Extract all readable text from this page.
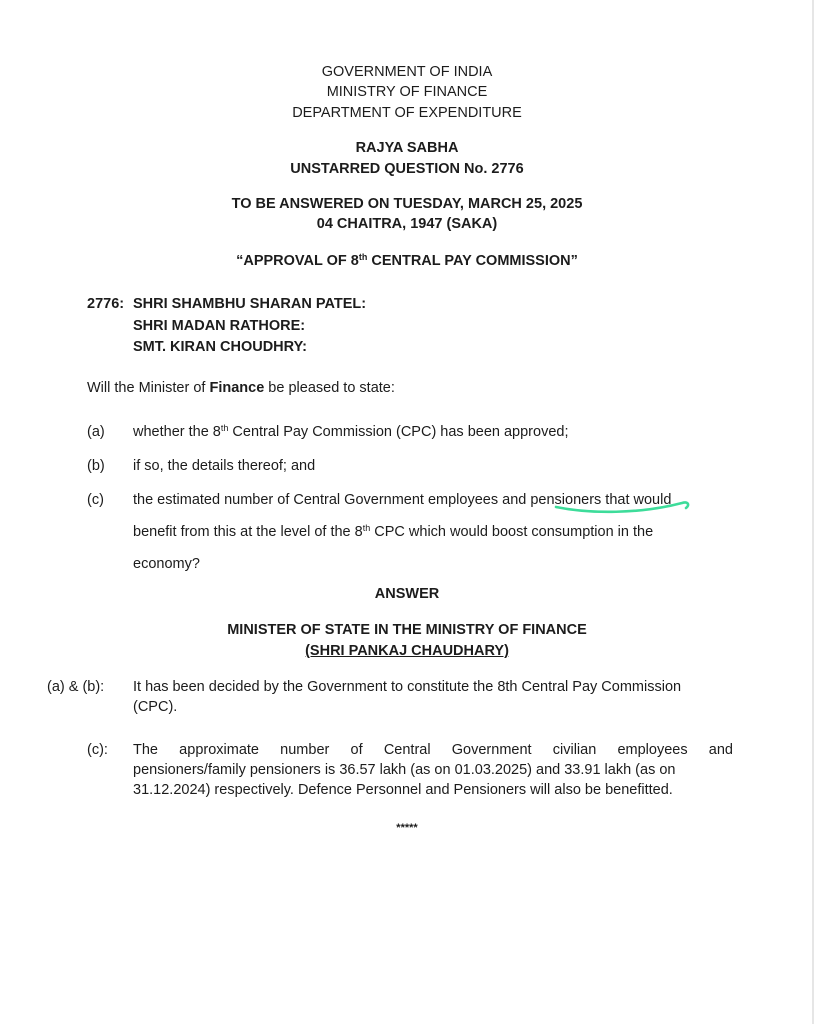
GOVERNMENT OF INDIA
MINISTRY OF FINANCE
DEPARTMENT OF EXPENDITURE
RAJYA SABHA
UNSTARRED QUESTION No. 2776
TO BE ANSWERED ON TUESDAY, MARCH 25, 2025
04 CHAITRA, 1947 (SAKA)
“APPROVAL OF 8th CENTRAL PAY COMMISSION”
2776: SHRI SHAMBHU SHARAN PATEL:
SHRI MADAN RATHORE:
SMT. KIRAN CHOUDHRY:
Will the Minister of Finance be pleased to state:
(a) whether the 8th Central Pay Commission (CPC) has been approved;
(b) if so, the details thereof; and
(c) the estimated number of Central Government employees and pensioners that would
benefit from this at the level of the 8th CPC which would boost consumption in the
economy?
ANSWER
MINISTER OF STATE IN THE MINISTRY OF FINANCE
(SHRI PANKAJ CHAUDHARY)
(a) & (b): It has been decided by the Government to constitute the 8th Central Pay Commission
(CPC).
(c): The approximate number of Central Government civilian employees and
pensioners/family pensioners is 36.57 lakh (as on 01.03.2025) and 33.91 lakh (as on
31.12.2024) respectively. Defence Personnel and Pensioners will also be benefitted.
*****
